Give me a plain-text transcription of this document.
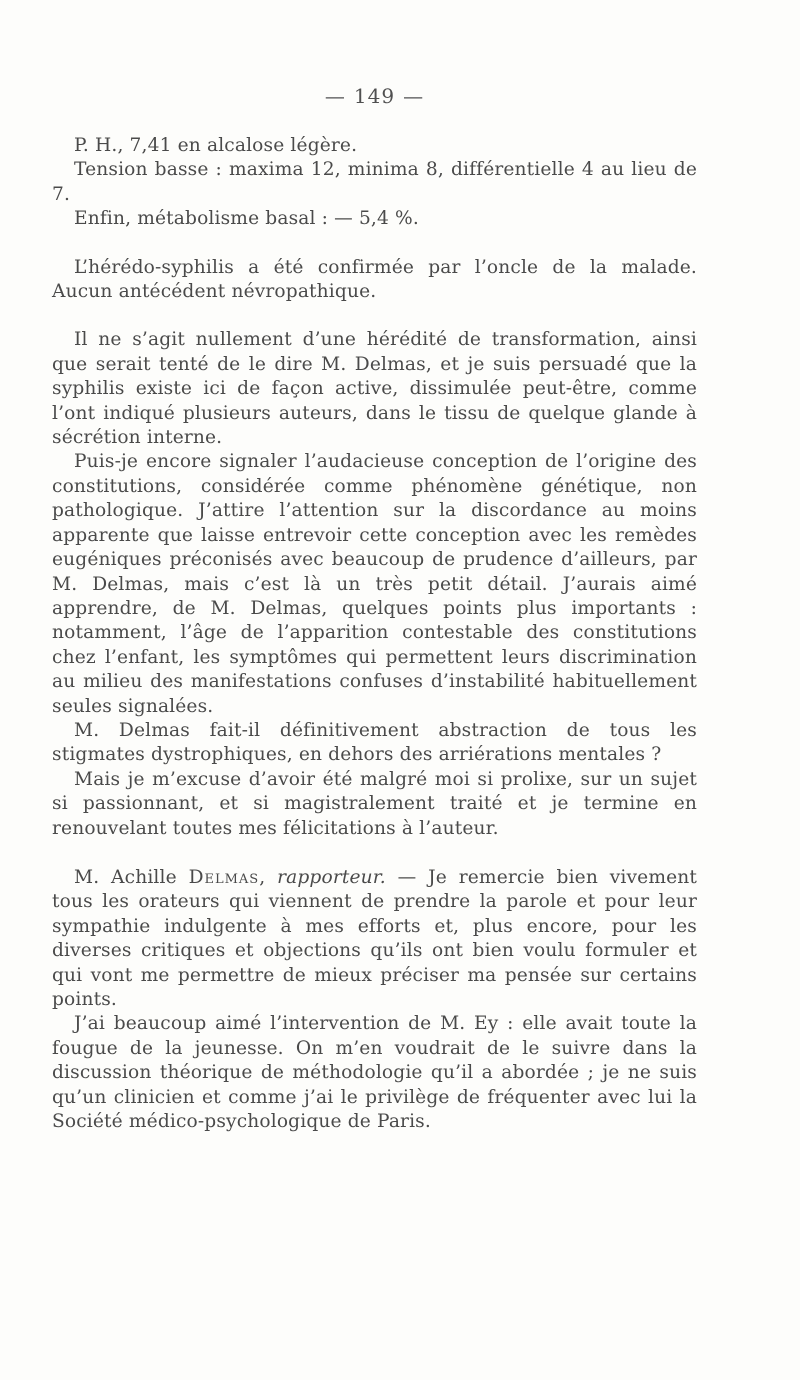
— 149 —

P. H., 7,41 en alcalose légère.

Tension basse : maxima 12, minima 8, différentielle 4 au lieu de 7.

Enfin, métabolisme basal : — 5,4 %.

L’hérédo-syphilis a été confirmée par l’oncle de la malade. Aucun antécédent névropathique.

Il ne s’agit nullement d’une hérédité de transformation, ainsi que serait tenté de le dire M. Delmas, et je suis persuadé que la syphilis existe ici de façon active, dissimulée peut-être, comme l’ont indiqué plusieurs auteurs, dans le tissu de quelque glande à sécrétion interne.

Puis-je encore signaler l’audacieuse conception de l’origine des constitutions, considérée comme phénomène génétique, non pathologique. J’attire l’attention sur la discordance au moins apparente que laisse entrevoir cette conception avec les remèdes eugéniques préconisés avec beaucoup de prudence d’ailleurs, par M. Delmas, mais c’est là un très petit détail. J’aurais aimé apprendre, de M. Delmas, quelques points plus importants : notamment, l’âge de l’apparition contestable des constitutions chez l’enfant, les symptômes qui permettent leurs discrimination au milieu des manifestations confuses d’instabilité habituellement seules signalées.

M. Delmas fait-il définitivement abstraction de tous les stigmates dystrophiques, en dehors des arriérations mentales ?

Mais je m’excuse d’avoir été malgré moi si prolixe, sur un sujet si passionnant, et si magistralement traité et je termine en renouvelant toutes mes félicitations à l’auteur.

M. Achille Delmas, rapporteur. — Je remercie bien vivement tous les orateurs qui viennent de prendre la parole et pour leur sympathie indulgente à mes efforts et, plus encore, pour les diverses critiques et objections qu’ils ont bien voulu formuler et qui vont me permettre de mieux préciser ma pensée sur certains points.

J’ai beaucoup aimé l’intervention de M. Ey : elle avait toute la fougue de la jeunesse. On m’en voudrait de le suivre dans la discussion théorique de méthodologie qu’il a abordée ; je ne suis qu’un clinicien et comme j’ai le privilège de fréquenter avec lui la Société médico-psychologique de Paris.
